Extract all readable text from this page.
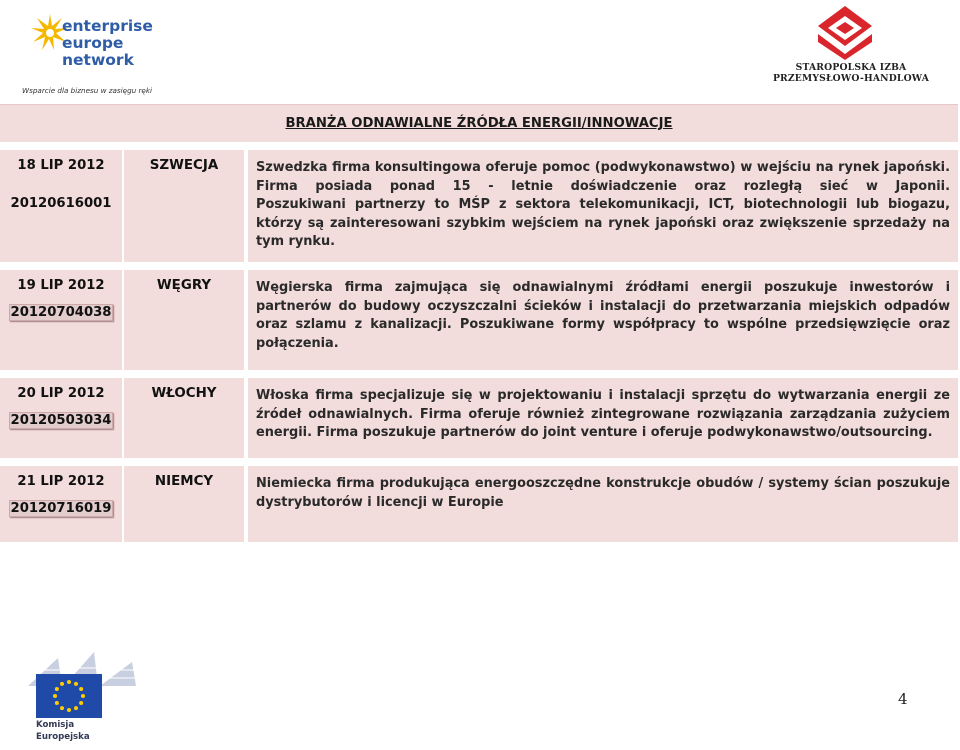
enterprise
europe
network
Wsparcie dla biznesu w zasięgu ręki
STAROPOLSKA IZBA
PRZEMYSŁOWO-HANDLOWA
BRANŻA ODNAWIALNE ŹRÓDŁA ENERGII/INNOWACJE
18 LIP 2012
20120616001
SZWECJA	Szwedzka firma konsultingowa oferuje pomoc (podwykonawstwo) w wejściu na rynek japoński. Firma posiada ponad 15 - letnie doświadczenie oraz rozległą sieć w Japonii.
Poszukiwani partnerzy to MŚP z sektora telekomunikacji, ICT, biotechnologii lub biogazu, którzy są zainteresowani szybkim wejściem na rynek japoński oraz zwiększenie sprzedaży na tym rynku.
19 LIP 2012
20120704038
WĘGRY	Węgierska firma zajmująca się odnawialnymi źródłami energii poszukuje inwestorów i partnerów do budowy oczyszczalni ścieków i instalacji do przetwarzania miejskich odpadów oraz szlamu z kanalizacji. Poszukiwane formy współpracy to wspólne przedsięwzięcie oraz połączenia.
20 LIP 2012
20120503034
WŁOCHY	Włoska firma specjalizuje się w projektowaniu i instalacji sprzętu do wytwarzania energii ze źródeł odnawialnych. Firma oferuje również zintegrowane rozwiązania zarządzania zużyciem energii. Firma poszukuje partnerów do joint venture i oferuje podwykonawstwo/outsourcing.
21 LIP 2012
20120716019
NIEMCY	Niemiecka firma produkująca energooszczędne konstrukcje obudów / systemy ścian poszukuje dystrybutorów i licencji w Europie
Komisja
Europejska
4
